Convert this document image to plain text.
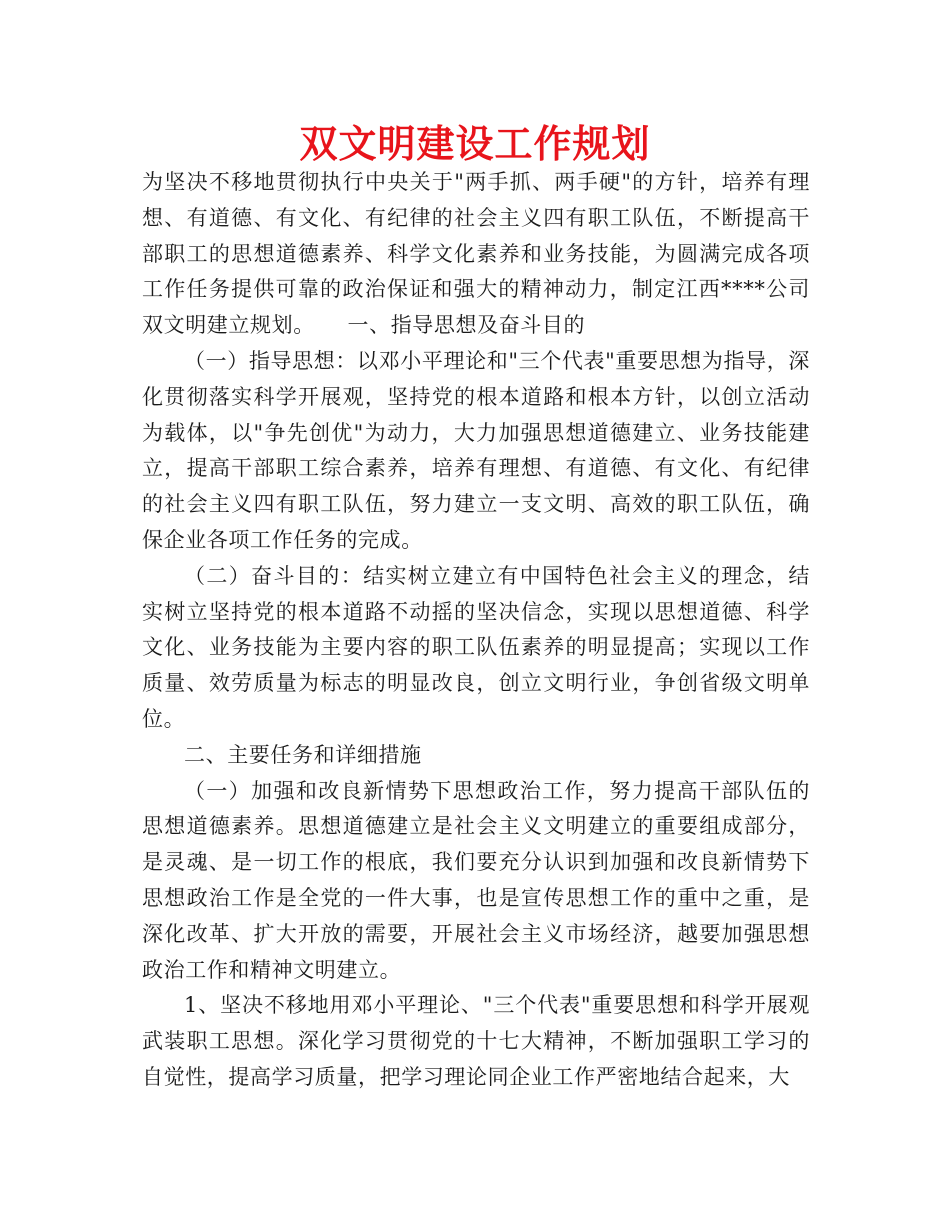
双文明建设工作规划

为坚决不移地贯彻执行中央关于"两手抓、两手硬"的方针，培养有理想、有道德、有文化、有纪律的社会主义四有职工队伍，不断提高干部职工的思想道德素养、科学文化素养和业务技能，为圆满完成各项工作任务提供可靠的政治保证和强大的精神动力，制定江西****公司双文明建立规划。　　一、指导思想及奋斗目的

（一）指导思想：以邓小平理论和"三个代表"重要思想为指导，深化贯彻落实科学开展观，坚持党的根本道路和根本方针，以创立活动为载体，以"争先创优"为动力，大力加强思想道德建立、业务技能建立，提高干部职工综合素养，培养有理想、有道德、有文化、有纪律的社会主义四有职工队伍，努力建立一支文明、高效的职工队伍，确保企业各项工作任务的完成。

（二）奋斗目的：结实树立建立有中国特色社会主义的理念，结实树立坚持党的根本道路不动摇的坚决信念，实现以思想道德、科学文化、业务技能为主要内容的职工队伍素养的明显提高；实现以工作质量、效劳质量为标志的明显改良，创立文明行业，争创省级文明单位。

二、主要任务和详细措施

（一）加强和改良新情势下思想政治工作，努力提高干部队伍的思想道德素养。思想道德建立是社会主义文明建立的重要组成部分，是灵魂、是一切工作的根底，我们要充分认识到加强和改良新情势下思想政治工作是全党的一件大事，也是宣传思想工作的重中之重，是深化改革、扩大开放的需要，开展社会主义市场经济，越要加强思想政治工作和精神文明建立。

1、坚决不移地用邓小平理论、"三个代表"重要思想和科学开展观武装职工思想。深化学习贯彻党的十七大精神，不断加强职工学习的自觉性，提高学习质量，把学习理论同企业工作严密地结合起来，大
